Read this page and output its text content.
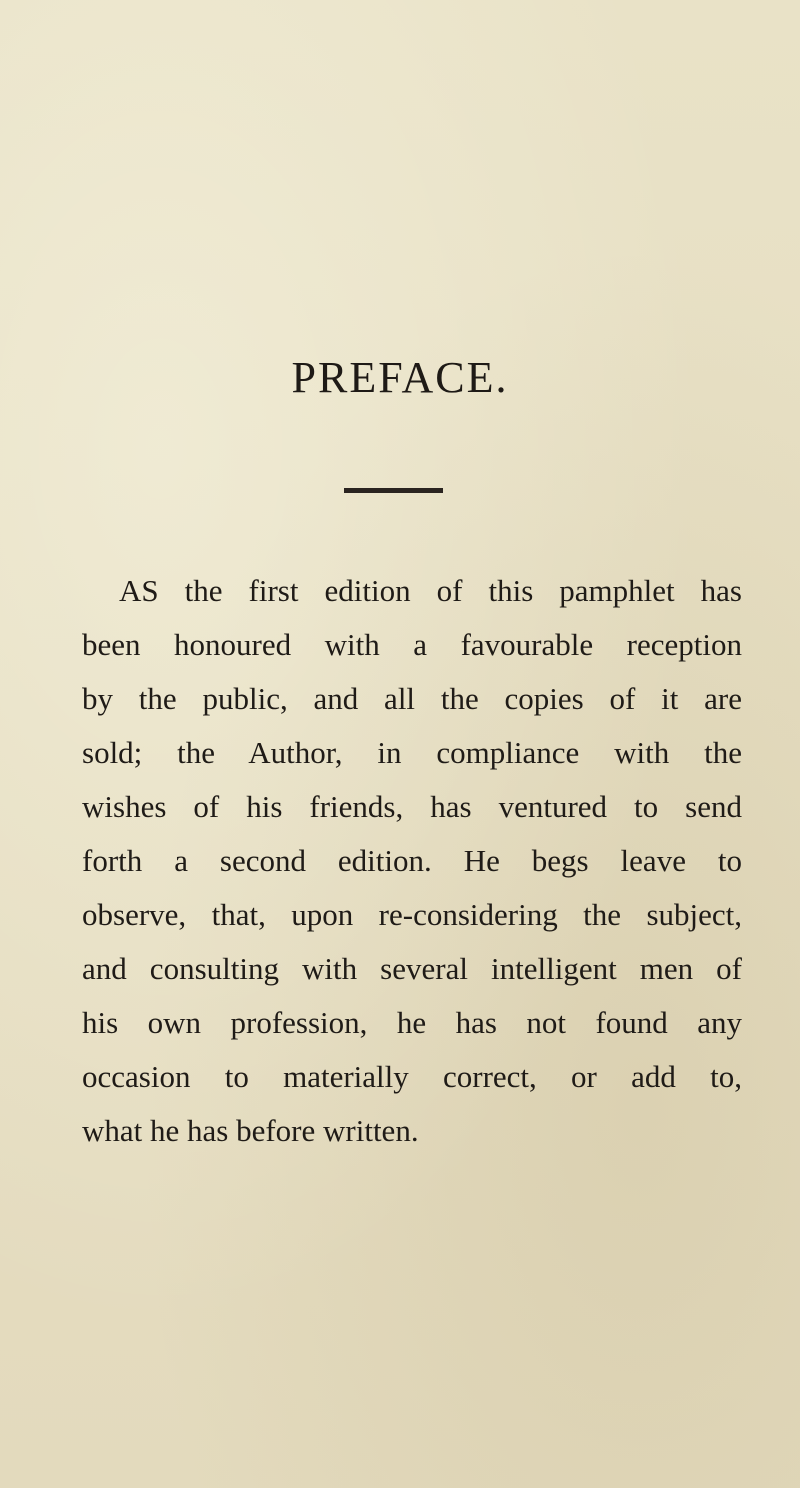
PREFACE.
AS the first edition of this pamphlet has
been honoured with a favourable reception
by the public, and all the copies of it are
sold; the Author, in compliance with the
wishes of his friends, has ventured to send
forth a second edition. He begs leave to
observe, that, upon re-considering the subject,
and consulting with several intelligent men of
his own profession, he has not found any
occasion to materially correct, or add to,
what he has before written.
